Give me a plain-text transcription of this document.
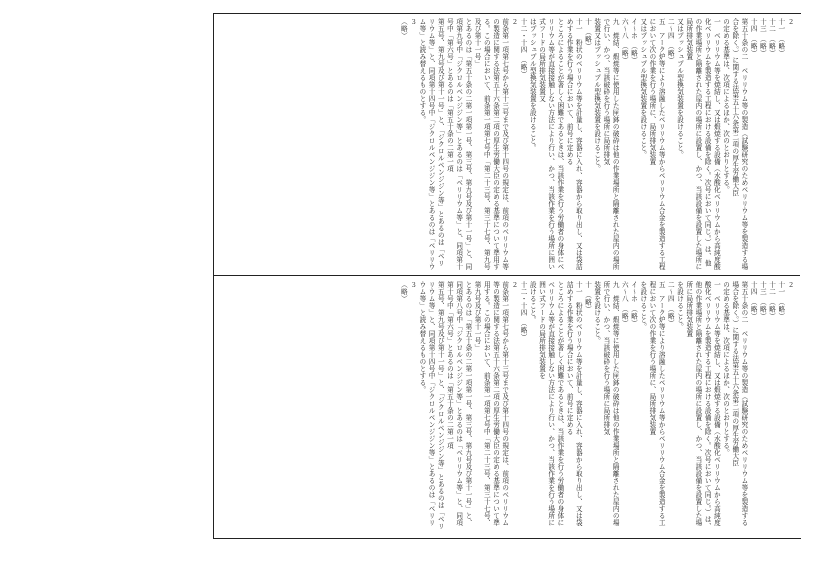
２
十一　（略）
十二　（略）
十三　（略）
十四　（略）
第五十条の二　ベリリウム等の製造（試験研究のためベリリウム等を製造する場合を除く。）に関する法第五十六条第二項の厚生労働大臣
の定める基準は、次項によるほか、次のとおりとする。
一　ベリリウム等を焼結し、又は煆焼する設備（水酸化ベリリウムから高純度酸化ベリリウムを製造する工程における設備を除く。次号において同じ。）は、他の作業場所と隔離された屋内の場所に設置し、かつ、当該設備を設置した場所に局所排気装置
又はプッシュプル型換気装置を設けること。
二〜四　（略）
五　アーク炉等により溶融したベリリウム等からベリリウム合金を製造する工程において次の作業を行う場所に、局所排気装置
又はプッシュプル型換気装置を設けること。
イ〜ホ　（略）
六〜八　（略）
九　焼結、煆焼等に使用した匣鉢の破砕は他の作業場所と隔離された屋内の場所で行い、かつ、当該破砕を行う場所に局所排気
装置又はプッシュプル型換気装置を設けること。
十　（略）
十一　粉状のベリリウム等を計量し、容器に入れ、容器から取り出し、又は袋詰めする作業を行う場合において、前号に定める
ところによることが著しく困難であるときは、当該作業を行う労働者の身体にベリリウム等が直接接触しない方法により行い、かつ、当該作業を行う場所に囲い式フードの局所排気装置又
はプッシュプル型換気装置を設けること。
十二・十四　（略）
２
前条第一項第七号から第十三号まで及び第十四号の規定は、前項のベリリウム等の製造に関する法第五十六条第二項の厚生労働大臣の定める基準について準用する。この場合において、前条第一項第七号中「第二十三号、第三十七号、第九号及び第十一号」
とあるのは「第五十条の二第一項第一号、第三号、第九号及び第十一号」と、同項第九号中「ジクロルベンジジン等」とあるのは「ベリリウム等」と、同項第十号中「第六号」とあるのは「第五十条の二第一項
第五号、第九号及び第十一号」と、「ジクロルベンジジン等」とあるのは「ベリリウム等」と、同項第十四号中「ジクロルベンジジン等」とあるのは「ベリリウ
ム等」と読み替えるものとする。
３
（略）
２
十一　（略）
十二　（略）
十三　（略）
十四　（略）
第五十条の二　ベリリウム等の製造（試験研究のためベリリウム等を製造する場合を除く。）に関する法第五十六条第二項の厚生労働大臣
の定める基準は、次項によるほか、次のとおりとする。
一　ベリリウム等を焼結し、又は煆焼する設備（水酸化ベリリウムから高純度酸化ベリリウムを製造する工程における設備を除く。次号において同じ。）は、他の作業場所と隔離された屋内の場所に設置し、かつ、当該設備を設置した場所に局所排気装置
を設けること。
二〜四　（略）
五　アーク炉等により溶融したベリリウム等からベリリウム合金を製造する工程において次の作業を行う場所に、局所排気装置
を設けること。
イ〜ホ　（略）
六〜八　（略）
九　焼結、煆焼等に使用した匣鉢の破砕は他の作業場所と隔離された屋内の場所で行い、かつ、当該破砕を行う場所に局所排気
装置を設けること。
十　（略）
十一　粉状のベリリウム等を計量し、容器に入れ、容器から取り出し、又は袋詰めする作業を行う場合において、前号に定める
ところによることが著しく困難であるときは、当該作業を行う労働者の身体にベリリウム等が直接接触しない方法により行い、かつ、当該作業を行う場所に囲い式フードの局所排気装置を
設けること。
十二・十四　（略）
２
前条第一項第七号から第十三号まで及び第十四号の規定は、前項のベリリウム等の製造に関する法第五十六条第二項の厚生労働大臣の定める基準について準用する。この場合において、前条第一項第七号中「第二十三号、第三十七号、第九号及び第十一号」
とあるのは「第五十条の二第一項第一号、第三号、第九号及び第十一号」と、同項第八号中「ジクロルベンジジン等」とあるのは「ベリリウム等」と、同項第十号中「第六号」とあるのは「第五十条の二第一項
第五号、第九号及び第十一号」と、「ジクロルベンジジン等」とあるのは「ベリリウム等」と、同項第十四号中「ジクロルベンジジン等」とあるのは「ベリリウム等」と読み替えるものとする。
３
（略）
